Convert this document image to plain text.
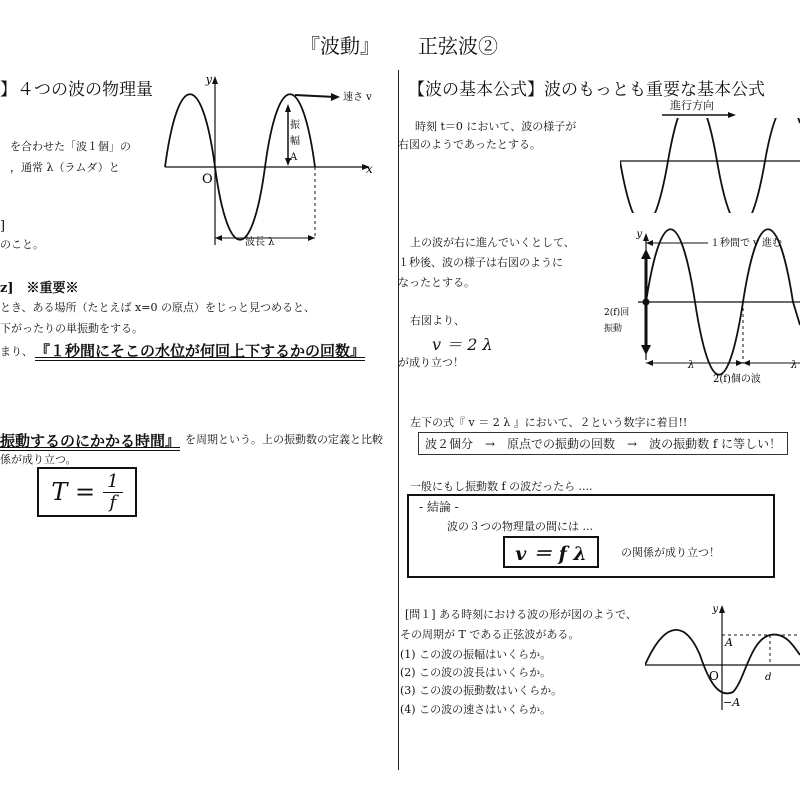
『波動』 正弦波②
】４つの波の物理量
を合わせた「波１個」の
，通常 λ（ラムダ）と
]
のこと。
y
x
O
速さ v
振
幅
A
波長 λ
z]　※重要※
とき、ある場所（たとえば x=0 の原点）をじっと見つめると、
下がったりの単振動をする。
まり、 『１秒間にそこの水位が何回上下するかの回数』
振動するのにかかる時間』 を周期という。上の振動数の定義と比較
係が成り立つ。
$T = \frac{1}{f}$
【波の基本公式】波のもっとも重要な基本公式
進行方向
時刻 t＝0 において、波の様子が
右図のようであったとする。
上の波が右に進んでいくとして、
１秒後、波の様子は右図のように
なったとする。
右図より、
v ＝ 2 λ
が成り立つ！
y
１秒間で v 進む
2(f)回
振動
λ	λ
2(f)個の波
左下の式『 v ＝ 2 λ 』において、２という数字に着目!!
波２個分　→　原点での振動の回数　→　波の振動数 f に等しい！
一般にもし振動数 f の波だったら ....
- 結論 -
波の３つの物理量の間には ...
v ＝ f λ	の関係が成り立つ！
[問１] ある時刻における波の形が図のようで、
その周期が T である正弦波がある。
(1) この波の振幅はいくらか。
(2) この波の波長はいくらか。
(3) この波の振動数はいくらか。
(4) この波の速さはいくらか。
y
A
O	d
−A
